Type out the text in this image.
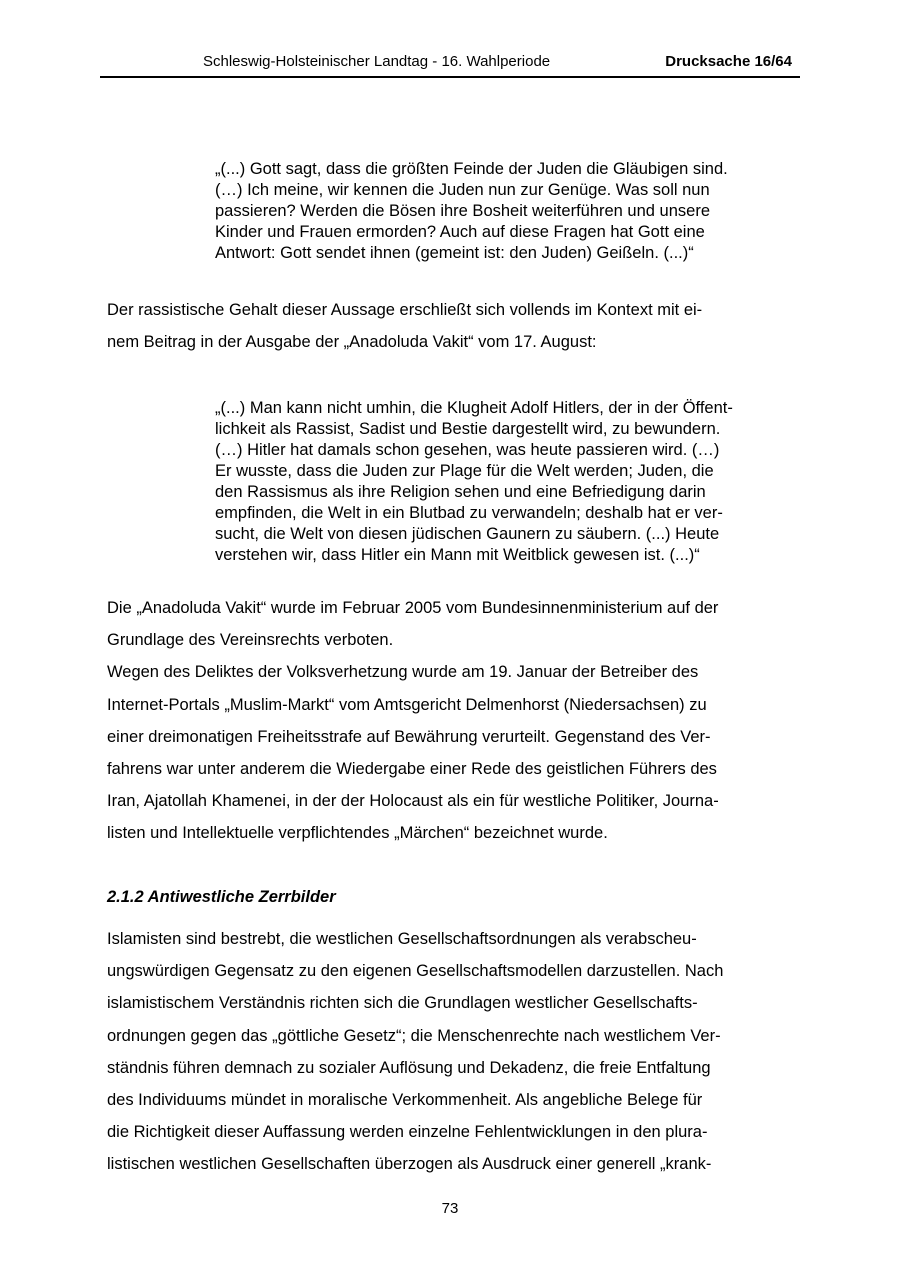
Schleswig-Holsteinischer Landtag - 16. Wahlperiode	Drucksache 16/64
„(...) Gott sagt, dass die größten Feinde der Juden die Gläubigen sind.
(…) Ich meine, wir kennen die Juden nun zur Genüge. Was soll nun
passieren? Werden die Bösen ihre Bosheit weiterführen und unsere
Kinder und Frauen ermorden? Auch auf diese Fragen hat Gott eine
Antwort: Gott sendet ihnen (gemeint ist: den Juden) Geißeln. (...)“
Der rassistische Gehalt dieser Aussage erschließt sich vollends im Kontext mit ei-
nem Beitrag in der Ausgabe der „Anadoluda Vakit“ vom 17. August:
„(...) Man kann nicht umhin, die Klugheit Adolf Hitlers, der in der Öffent-
lichkeit als Rassist, Sadist und Bestie dargestellt wird, zu bewundern.
(…) Hitler hat damals schon gesehen, was heute passieren wird. (…)
Er wusste, dass die Juden zur Plage für die Welt werden; Juden, die
den Rassismus als ihre Religion sehen und eine Befriedigung darin
empfinden, die Welt in ein Blutbad zu verwandeln; deshalb hat er ver-
sucht, die Welt von diesen jüdischen Gaunern zu säubern. (...) Heute
verstehen wir, dass Hitler ein Mann mit Weitblick gewesen ist. (...)“
Die „Anadoluda Vakit“ wurde im Februar 2005 vom Bundesinnenministerium auf der
Grundlage des Vereinsrechts verboten.
Wegen des Deliktes der Volksverhetzung wurde am 19. Januar der Betreiber des
Internet-Portals „Muslim-Markt“ vom Amtsgericht Delmenhorst (Niedersachsen) zu
einer dreimonatigen Freiheitsstrafe auf Bewährung verurteilt. Gegenstand des Ver-
fahrens war unter anderem die Wiedergabe einer Rede des geistlichen Führers des
Iran, Ajatollah Khamenei, in der der Holocaust als ein für westliche Politiker, Journa-
listen und Intellektuelle verpflichtendes „Märchen“ bezeichnet wurde.
2.1.2 Antiwestliche Zerrbilder
Islamisten sind bestrebt, die westlichen Gesellschaftsordnungen als verabscheu-
ungswürdigen Gegensatz zu den eigenen Gesellschaftsmodellen darzustellen. Nach
islamistischem Verständnis richten sich die Grundlagen westlicher Gesellschafts-
ordnungen gegen das „göttliche Gesetz“; die Menschenrechte nach westlichem Ver-
ständnis führen demnach zu sozialer Auflösung und Dekadenz, die freie Entfaltung
des Individuums mündet in moralische Verkommenheit. Als angebliche Belege für
die Richtigkeit dieser Auffassung werden einzelne Fehlentwicklungen in den plura-
listischen westlichen Gesellschaften überzogen als Ausdruck einer generell „krank-
73
